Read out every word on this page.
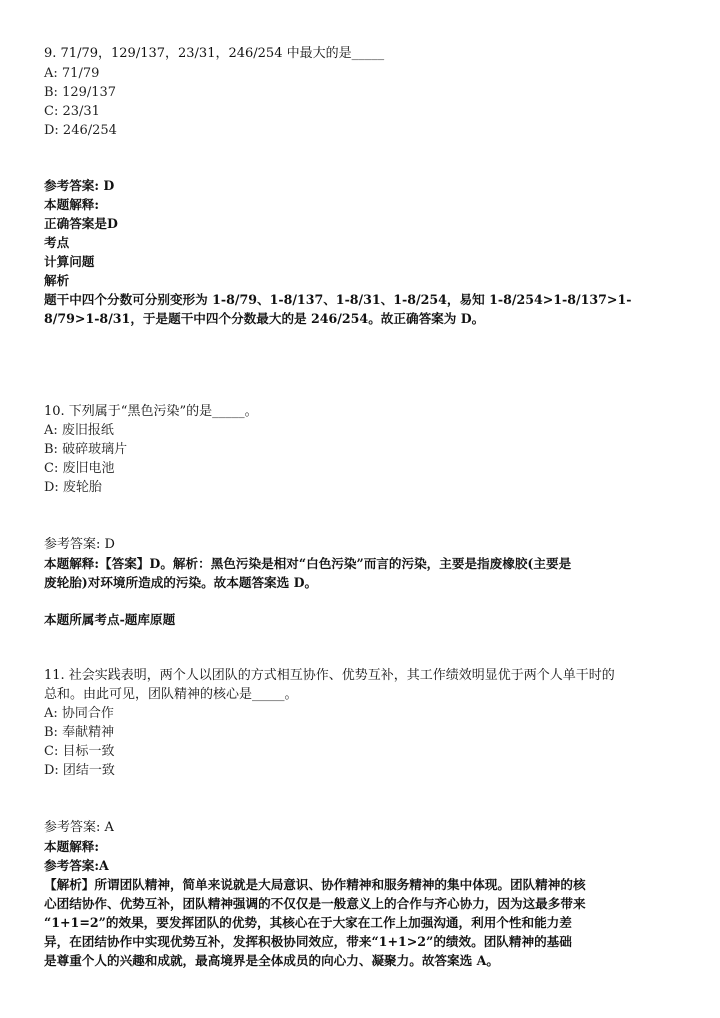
9. 71/79，129/137，23/31，246/254 中最大的是_____
A: 71/79
B: 129/137
C: 23/31
D: 246/254
参考答案: D
本题解释:
正确答案是D
考点
计算问题
解析
题干中四个分数可分别变形为 1-8/79、1-8/137、1-8/31、1-8/254，易知 1-8/254>1-8/137>1-
8/79>1-8/31，于是题干中四个分数最大的是 246/254。故正确答案为 D。
10. 下列属于“黑色污染”的是_____。
A: 废旧报纸
B: 破碎玻璃片
C: 废旧电池
D: 废轮胎
参考答案: D
本题解释:【答案】D。解析：黑色污染是相对“白色污染”而言的污染，主要是指废橡胶(主要是
废轮胎)对环境所造成的污染。故本题答案选 D。
本题所属考点-题库原题
11. 社会实践表明，两个人以团队的方式相互协作、优势互补，其工作绩效明显优于两个人单干时的
总和。由此可见，团队精神的核心是_____。
A: 协同合作
B: 奉献精神
C: 目标一致
D: 团结一致
参考答案: A
本题解释:
参考答案:A
【解析】所谓团队精神，简单来说就是大局意识、协作精神和服务精神的集中体现。团队精神的核
心团结协作、优势互补，团队精神强调的不仅仅是一般意义上的合作与齐心协力，因为这最多带来
“1+1=2”的效果，要发挥团队的优势，其核心在于大家在工作上加强沟通，利用个性和能力差
异，在团结协作中实现优势互补，发挥积极协同效应，带来“1+1>2”的绩效。团队精神的基础
是尊重个人的兴趣和成就，最高境界是全体成员的向心力、凝聚力。故答案选 A。
